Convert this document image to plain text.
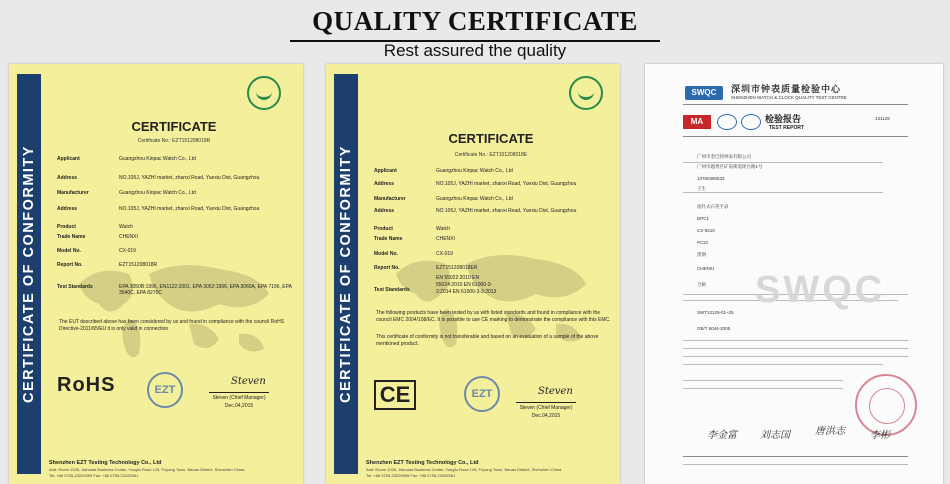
QUALITY CERTIFICATE
Rest assured the quality
CERTIFICATE OF CONFORMITY
CERTIFICATE
Certificate No.: EZT151208018R
Applicant	Guangzhou Kinpac Watch Co., Ltd
Address	NO.105J, YAZHI market, zhanxi Road, Yuexiu Dist, Guangzhou
Manufacturer	Guangzhou Kinpac Watch Co., Ltd
Address	NO.105J, YAZHI market, zhanxi Road, Yuexiu Dist, Guangzhou
Product	Watch
Trade Name	CHENXI
Model No.	CX-019
Report No.	EZT151208018R
Test Standards	EPA 3050B:1996, EN1122:2001, EPA 3052:1996, EPA 3060A, EPA 7196, EPA 3540C, EPA 8270C
The EUT described above has been considered by us and found in compliance with the council RoHS Directive-2011/65/EU it is only valid in connection
RoHS	EZT
Steven
Steven (Chief Manager)
Dec.04,2015
Shenzhen EZT Testing Technology Co., Ltd
Add: Room 1026, Jiahuida Business Center, Yongfu Road 126, Fuyong Town, Baoan District, Shenzhen China
Tel: +86 0755-23209399 Fax: +86 0755-23209381
CERTIFICATE OF CONFORMITY
CERTIFICATE
Certificate No.: EZT151208018E
Applicant	Guangzhou Kinpac Watch Co., Ltd
Address	NO.105J, YAZHI market, zhanxi Road, Yuexiu Dist, Guangzhou
Manufacturer	Guangzhou Kinpac Watch Co., Ltd
Address	NO.105J, YAZHI market, zhanxi Road, Yuexiu Dist, Guangzhou
Product	Watch
Trade Name	CHENXI
Model No.	CX-019
Report No.	EZT151208018ER
Test Standards
EN 55022:2010 EN 55024:2010 EN 61000-3-2:2014 EN 61000-3-3:2013
The following products have been tested by us with listed standards and found in compliance with the council EMC 2004/108/EC. It is possible to use CE marking to demonstrate the compliance with this EMC.
This certificate of conformity is not transferable and based on an evaluation of a sample of the above mentioned product.
CE	EZT	Steven
Steven (Chief Manager)
Dec.04,2015
Shenzhen EZT Testing Technology Co., Ltd
Add: Room 1026, Jiahuida Business Center, Yongfu Road 126, Fuyong Town, Baoan District, Shenzhen China
Tel: +86 0755-23209399 Fax: +86 0755-23209381
SWQC	深圳市钟表质量检验中心
SHENZHEN WATCH & CLOCK QUALITY TEST CENTRE
MA	检验报告
TEST REPORT
131129
广州市金巴特钟表有限公司
广州市越秀区矿泉街道瑶台路1号
13760380533
王生
指针式石英手表
DPC1
CX-9210
PC21
黑钢
CHENXI
合格
SWT13129-01~25
GB/T 6044-2005
SWQC
李金富 刘志国	唐洪志	李彬
